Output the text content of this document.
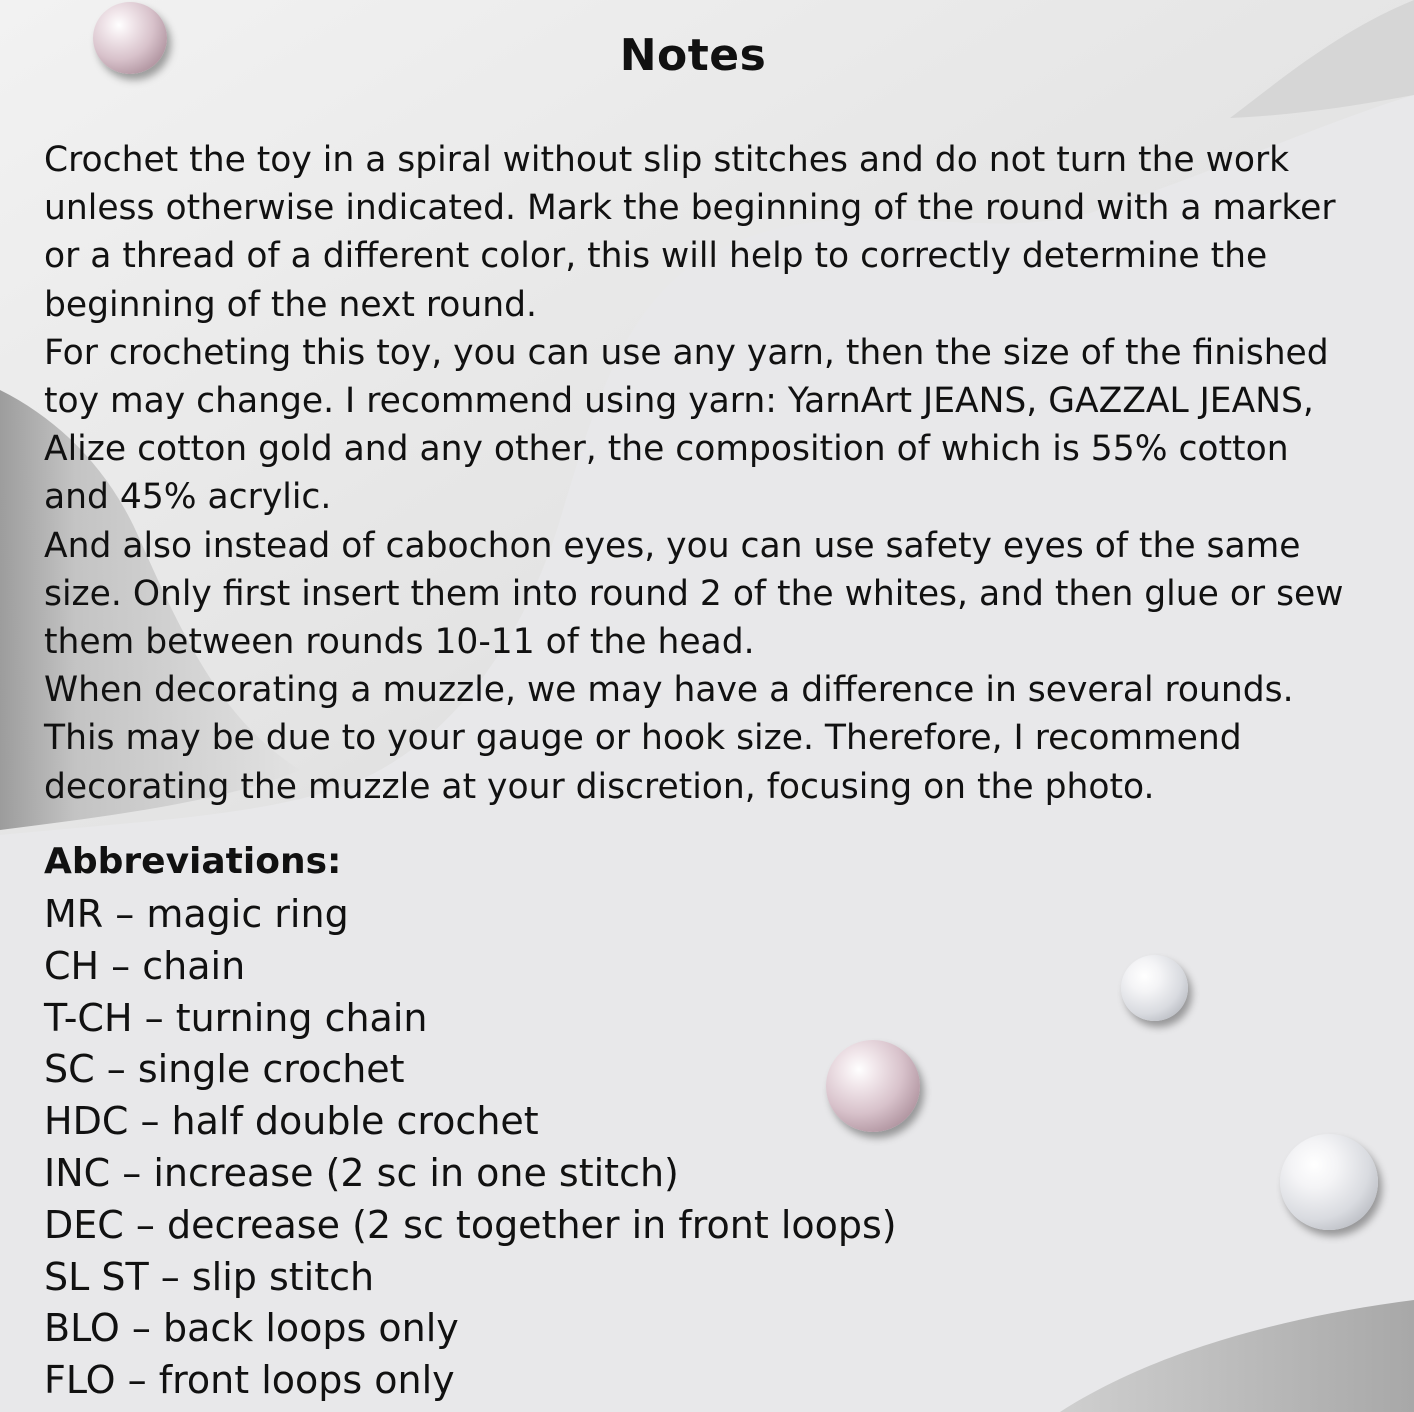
Notes

Crochet the toy in a spiral without slip stitches and do not turn the work

unless otherwise indicated. Mark the beginning of the round with a marker

or a thread of a different color, this will help to correctly determine the

beginning of the next round.

For crocheting this toy, you can use any yarn, then the size of the finished

toy may change. I recommend using yarn: YarnArt JEANS, GAZZAL JEANS,

Alize cotton gold and any other, the composition of which is 55% cotton

and 45% acrylic.

And also instead of cabochon eyes, you can use safety eyes of the same

size. Only first insert them into round 2 of the whites, and then glue or sew

them between rounds 10-11 of the head.

When decorating a muzzle, we may have a difference in several rounds.

This may be due to your gauge or hook size. Therefore, I recommend

decorating the muzzle at your discretion, focusing on the photo.

Abbreviations:
MR – magic ring
CH – chain
T-CH – turning chain
SC – single crochet
HDC – half double crochet
INC – increase (2 sc in one stitch)
DEC – decrease (2 sc together in front loops)
SL ST – slip stitch
BLO – back loops only
FLO – front loops only
